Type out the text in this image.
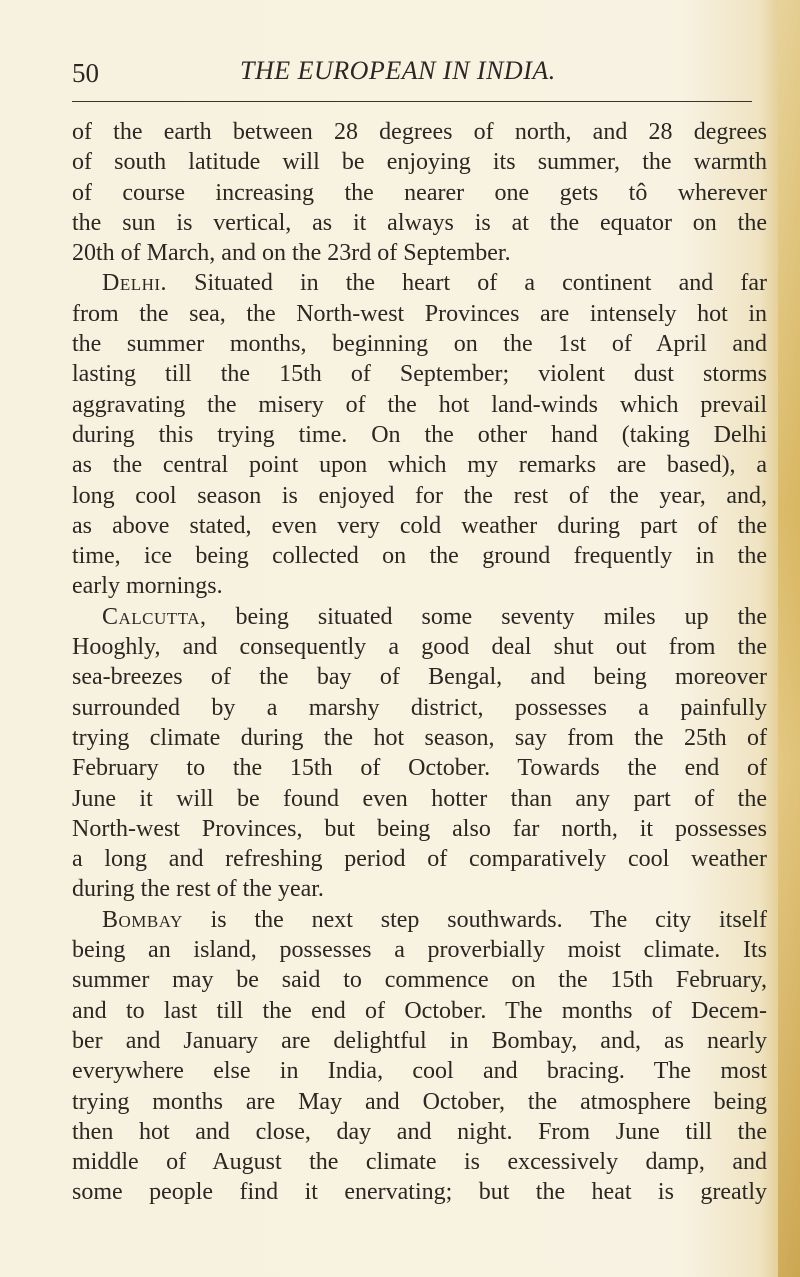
50	THE EUROPEAN IN INDIA.
of the earth between 28 degrees of north, and 28 degrees
of south latitude will be enjoying its summer, the warmth
of course increasing the nearer one gets tô wherever
the sun is vertical, as it always is at the equator on the
20th of March, and on the 23rd of September.
Delhi. Situated in the heart of a continent and far
from the sea, the North-west Provinces are intensely hot in
the summer months, beginning on the 1st of April and
lasting till the 15th of September; violent dust storms
aggravating the misery of the hot land-winds which prevail
during this trying time. On the other hand (taking Delhi
as the central point upon which my remarks are based), a
long cool season is enjoyed for the rest of the year, and,
as above stated, even very cold weather during part of the
time, ice being collected on the ground frequently in the
early mornings.
Calcutta, being situated some seventy miles up the
Hooghly, and consequently a good deal shut out from the
sea-breezes of the bay of Bengal, and being moreover
surrounded by a marshy district, possesses a painfully
trying climate during the hot season, say from the 25th of
February to the 15th of October. Towards the end of
June it will be found even hotter than any part of the
North-west Provinces, but being also far north, it possesses
a long and refreshing period of comparatively cool weather
during the rest of the year.
Bombay is the next step southwards. The city itself
being an island, possesses a proverbially moist climate. Its
summer may be said to commence on the 15th February,
and to last till the end of October. The months of Decem-
ber and January are delightful in Bombay, and, as nearly
everywhere else in India, cool and bracing. The most
trying months are May and October, the atmosphere being
then hot and close, day and night. From June till the
middle of August the climate is excessively damp, and
some people find it enervating; but the heat is greatly
